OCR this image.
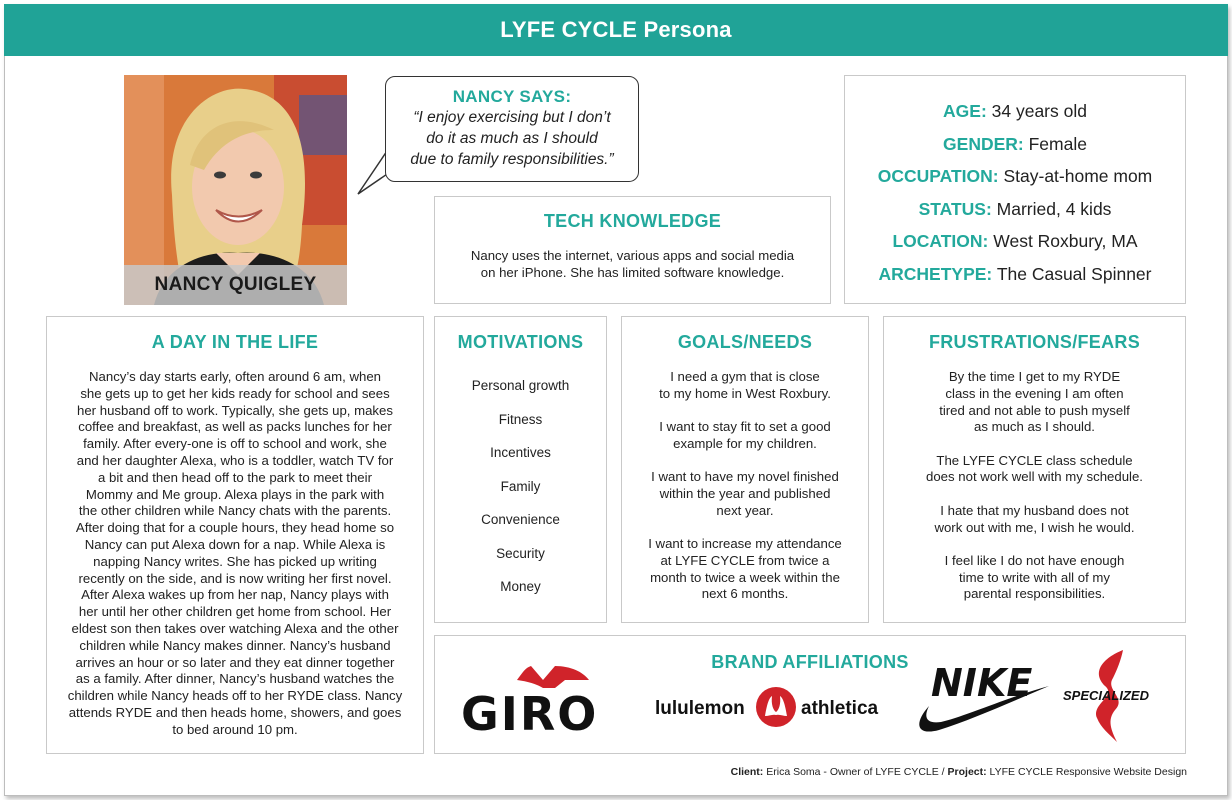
LYFE CYCLE Persona
NANCY QUIGLEY
NANCY SAYS:
“I enjoy exercising but I don’t
do it as much as I should
due to family responsibilities.”
AGE: 34 years old
GENDER: Female
OCCUPATION: Stay-at-home mom
STATUS: Married, 4 kids
LOCATION: West Roxbury, MA
ARCHETYPE: The Casual Spinner
TECH KNOWLEDGE
Nancy uses the internet, various apps and social media
on her iPhone. She has limited software knowledge.
A DAY IN THE LIFE
Nancy’s day starts early, often around 6 am, when
she gets up to get her kids ready for school and sees
her husband off to work. Typically, she gets up, makes
coffee and breakfast, as well as packs lunches for her
family. After every-one is off to school and work, she
and her daughter Alexa, who is a toddler, watch TV for
a bit and then head off to the park to meet their
Mommy and Me group. Alexa plays in the park with
the other children while Nancy chats with the parents.
After doing that for a couple hours, they head home so
Nancy can put Alexa down for a nap. While Alexa is
napping Nancy writes. She has picked up writing
recently on the side, and is now writing her first novel.
After Alexa wakes up from her nap, Nancy plays with
her until her other children get home from school. Her
eldest son then takes over watching Alexa and the other
children while Nancy makes dinner. Nancy’s husband
arrives an hour or so later and they eat dinner together
as a family. After dinner, Nancy’s husband watches the
children while Nancy heads off to her RYDE class. Nancy
attends RYDE and then heads home, showers, and goes
to bed around 10 pm.
MOTIVATIONS
Personal growth
Fitness
Incentives
Family
Convenience
Security
Money
GOALS/NEEDS

I need a gym that is close
to my home in West Roxbury.

I want to stay fit to set a good
example for my children.

I want to have my novel finished
within the year and published
next year.

I want to increase my attendance
at LYFE CYCLE from twice a
month to twice a week within the
next 6 months.

FRUSTRATIONS/FEARS

By the time I get to my RYDE
class in the evening I am often
tired and not able to push myself
as much as I should.

The LYFE CYCLE class schedule
does not work well with my schedule.

I hate that my husband does not
work out with me, I wish he would.

I feel like I do not have enough
time to write with all of my
parental responsibilities.

BRAND AFFILIATIONS
GIRO	lululemon	athletica
NIKE SPECIALIZED
Client: Erica Soma - Owner of LYFE CYCLE / Project: LYFE CYCLE Responsive Website Design
